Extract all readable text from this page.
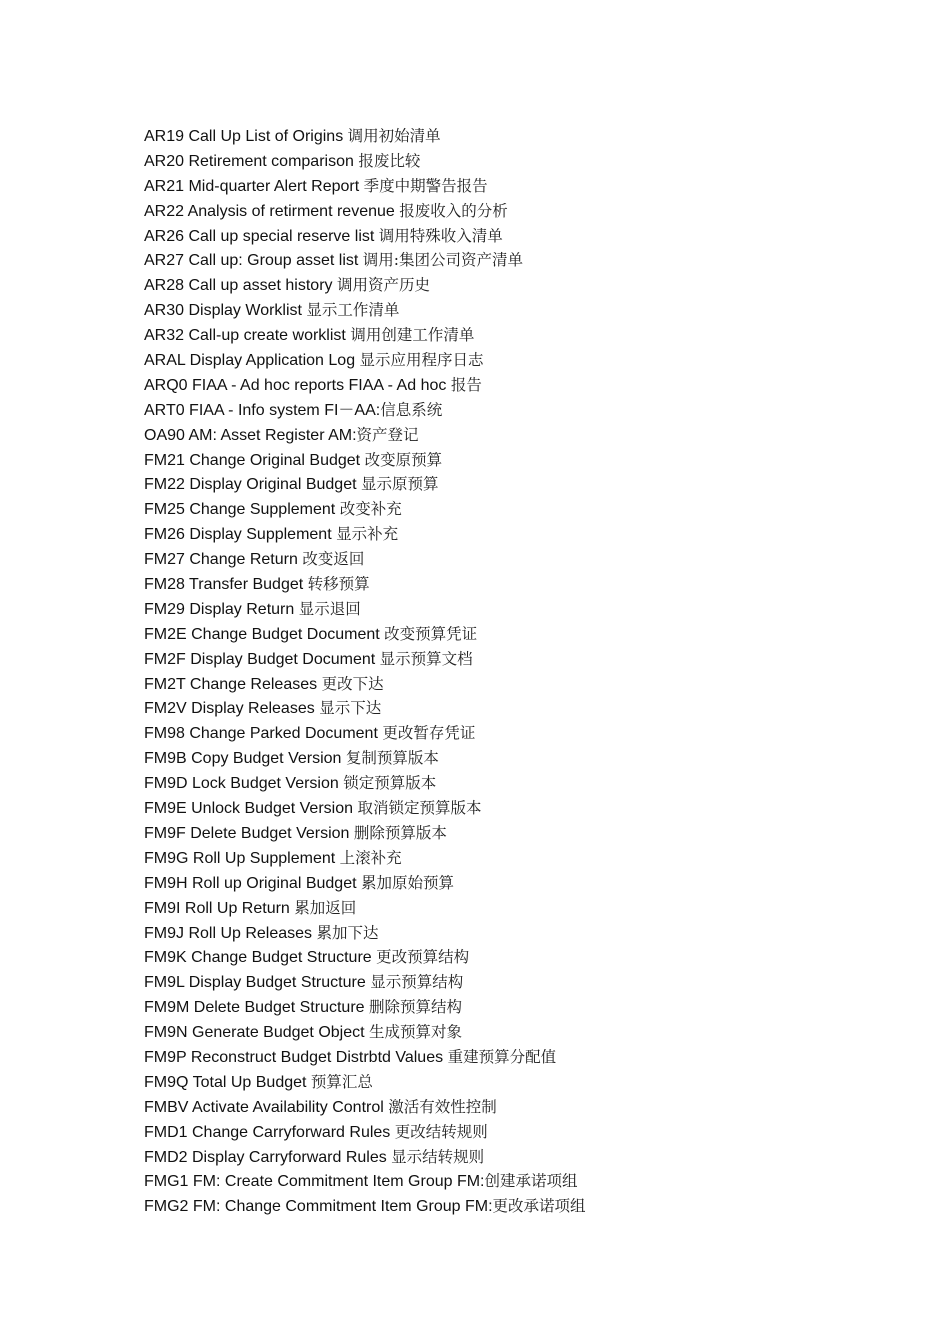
AR19 Call Up List of Origins 调用初始清单
AR20 Retirement comparison 报废比较
AR21 Mid-quarter Alert Report 季度中期警告报告
AR22 Analysis of retirment revenue 报废收入的分析
AR26 Call up special reserve list 调用特殊收入清单
AR27 Call up: Group asset list 调用:集团公司资产清单
AR28 Call up asset history 调用资产历史
AR30 Display Worklist 显示工作清单
AR32 Call-up create worklist 调用创建工作清单
ARAL Display Application Log 显示应用程序日志
ARQ0 FIAA - Ad hoc reports FIAA - Ad hoc 报告
ART0 FIAA - Info system FI－AA:信息系统
OA90 AM: Asset Register AM:资产登记
FM21 Change Original Budget 改变原预算
FM22 Display Original Budget 显示原预算
FM25 Change Supplement 改变补充
FM26 Display Supplement 显示补充
FM27 Change Return 改变返回
FM28 Transfer Budget 转移预算
FM29 Display Return 显示退回
FM2E Change Budget Document 改变预算凭证
FM2F Display Budget Document 显示预算文档
FM2T Change Releases 更改下达
FM2V Display Releases 显示下达
FM98 Change Parked Document 更改暂存凭证
FM9B Copy Budget Version 复制预算版本
FM9D Lock Budget Version 锁定预算版本
FM9E Unlock Budget Version 取消锁定预算版本
FM9F Delete Budget Version 删除预算版本
FM9G Roll Up Supplement 上滚补充
FM9H Roll up Original Budget 累加原始预算
FM9I Roll Up Return 累加返回
FM9J Roll Up Releases 累加下达
FM9K Change Budget Structure 更改预算结构
FM9L Display Budget Structure 显示预算结构
FM9M Delete Budget Structure 删除预算结构
FM9N Generate Budget Object 生成预算对象
FM9P Reconstruct Budget Distrbtd Values 重建预算分配值
FM9Q Total Up Budget 预算汇总
FMBV Activate Availability Control 激活有效性控制
FMD1 Change Carryforward Rules 更改结转规则
FMD2 Display Carryforward Rules 显示结转规则
FMG1 FM: Create Commitment Item Group FM:创建承诺项组
FMG2 FM: Change Commitment Item Group FM:更改承诺项组
